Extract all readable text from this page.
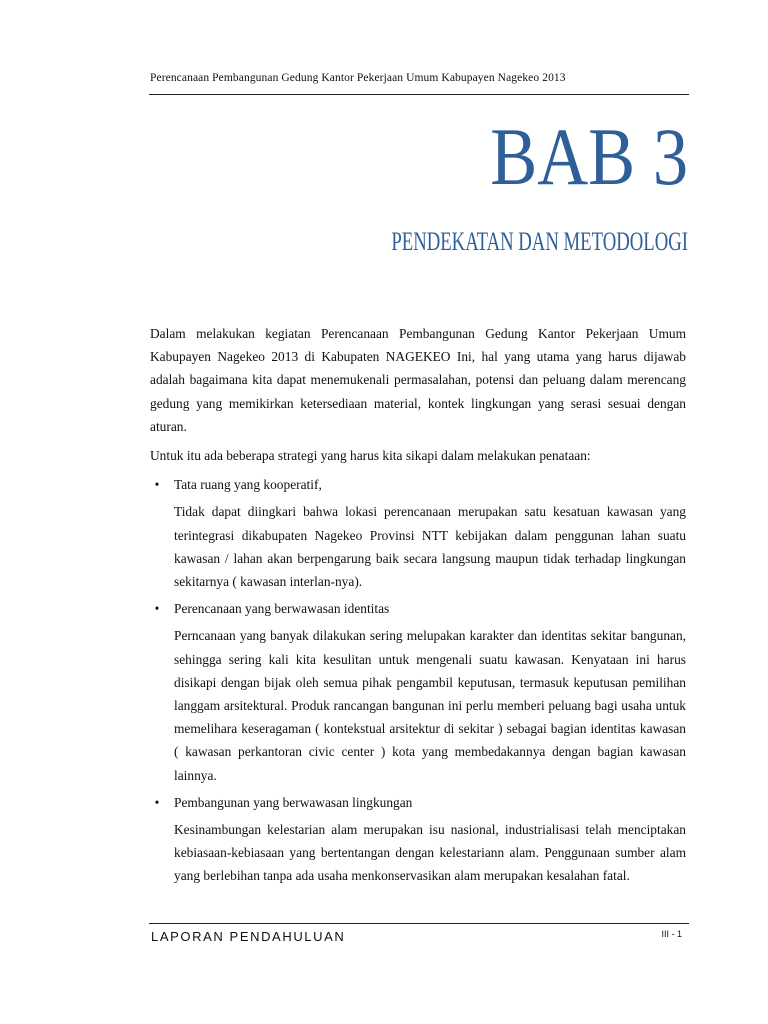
Perencanaan Pembangunan Gedung Kantor Pekerjaan Umum Kabupayen Nagekeo 2013
BAB 3
PENDEKATAN DAN METODOLOGI

Dalam melakukan kegiatan Perencanaan Pembangunan Gedung Kantor Pekerjaan Umum Kabupayen Nagekeo 2013 di Kabupaten NAGEKEO Ini, hal yang utama yang harus dijawab adalah bagaimana kita dapat menemukenali permasalahan, potensi dan peluang dalam merencang gedung yang memikirkan ketersediaan material, kontek lingkungan yang serasi sesuai dengan aturan.

Untuk itu ada beberapa strategi yang harus kita sikapi dalam melakukan penataan:

•	Tata ruang yang kooperatif,
Tidak dapat diingkari bahwa lokasi perencanaan merupakan satu kesatuan kawasan yang terintegrasi dikabupaten Nagekeo Provinsi NTT kebijakan dalam penggunan lahan suatu kawasan / lahan akan berpengarung baik secara langsung maupun tidak terhadap lingkungan sekitarnya ( kawasan interlan-nya).
•	Perencanaan yang berwawasan identitas
Perncanaan yang banyak dilakukan sering melupakan karakter dan identitas sekitar bangunan, sehingga sering kali kita kesulitan untuk mengenali suatu kawasan. Kenyataan ini harus disikapi dengan bijak oleh semua pihak pengambil keputusan, termasuk keputusan pemilihan langgam arsitektural. Produk rancangan bangunan ini perlu memberi peluang bagi usaha untuk memelihara keseragaman ( kontekstual arsitektur di sekitar ) sebagai bagian identitas kawasan ( kawasan perkantoran civic center ) kota yang membedakannya dengan bagian kawasan lainnya.
•	Pembangunan yang berwawasan lingkungan
Kesinambungan kelestarian alam merupakan isu nasional, industrialisasi telah menciptakan kebiasaan-kebiasaan yang bertentangan dengan kelestariann alam. Penggunaan sumber alam yang berlebihan tanpa ada usaha menkonservasikan alam merupakan kesalahan fatal.
LAPORAN PENDAHULUAN	III - 1
